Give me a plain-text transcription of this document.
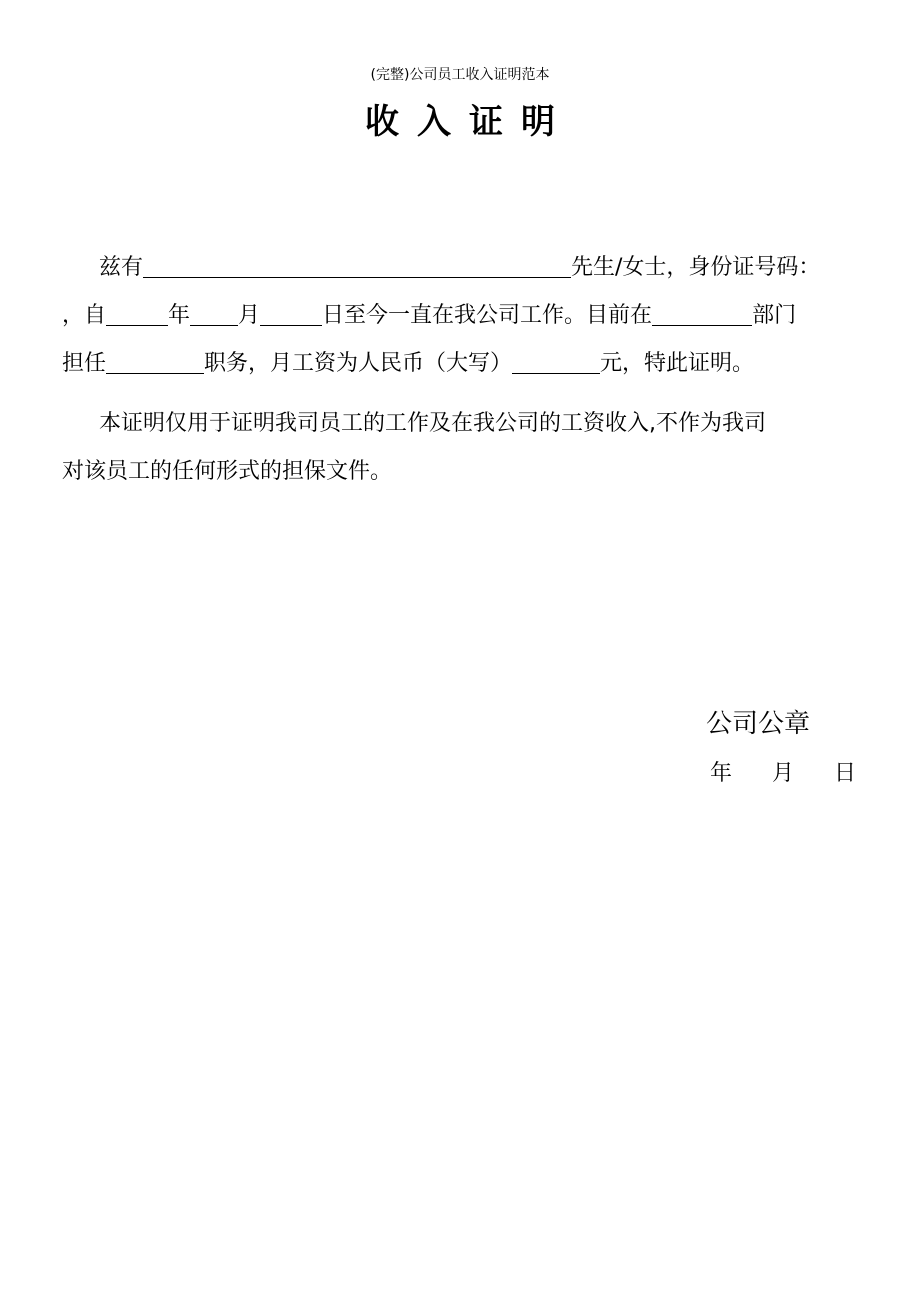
(完整)公司员工收入证明范本
收入证明
兹有	先生/女士，身份证号码：
，自	年 月	日至今一直在我公司工作。目前在	部门
担任	职务，月工资为人民币（大写）	元，特此证明。
本证明仅用于证明我司员工的工作及在我公司的工资收入,不作为我司
对该员工的任何形式的担保文件。
公司公章
年 月 日
